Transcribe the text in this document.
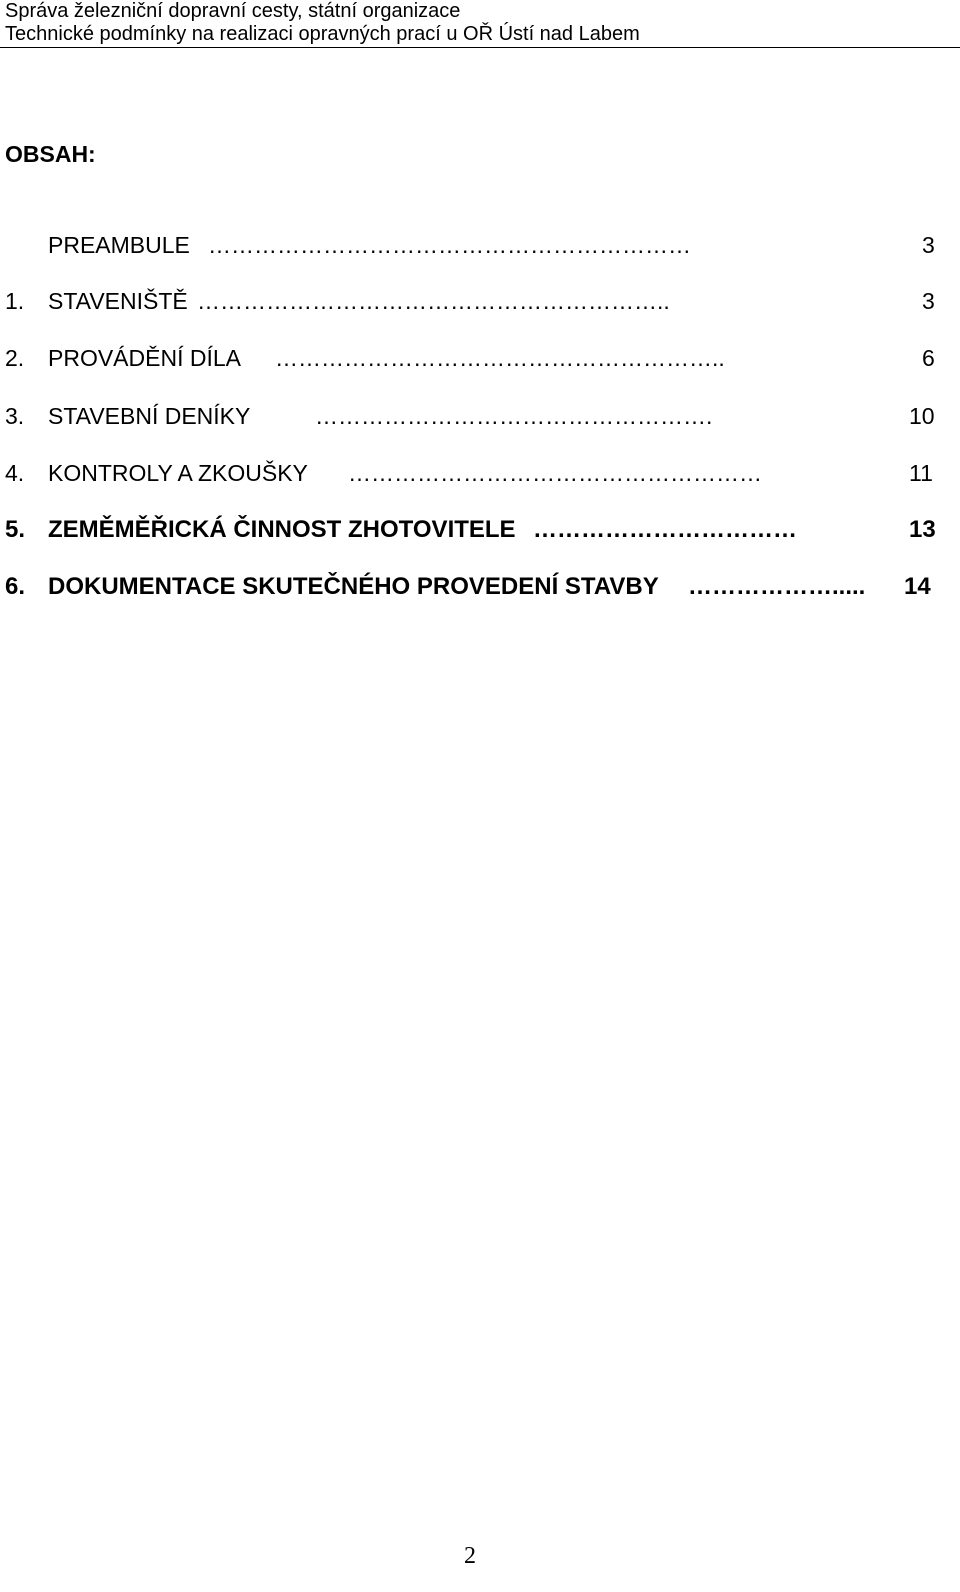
Správa železniční dopravní cesty, státní organizace
Technické podmínky na realizaci opravných prací u OŘ Ústí nad Labem
OBSAH:
PREAMBULE ………………………………………………………	3
1. STAVENIŠTĚ ……………………………………………………..	3
2. PROVÁDĚNÍ DÍLA …………………………………………………..	6
3. STAVEBNÍ DENÍKY	…………………………………………….	10
4. KONTROLY A ZKOUŠKY ………………………………………………	11
5. ZEMĚMĚŘICKÁ ČINNOST ZHOTOVITELE ……………………………	13
6. DOKUMENTACE SKUTEČNÉHO PROVEDENÍ STAVBY ………………..... 14
2
